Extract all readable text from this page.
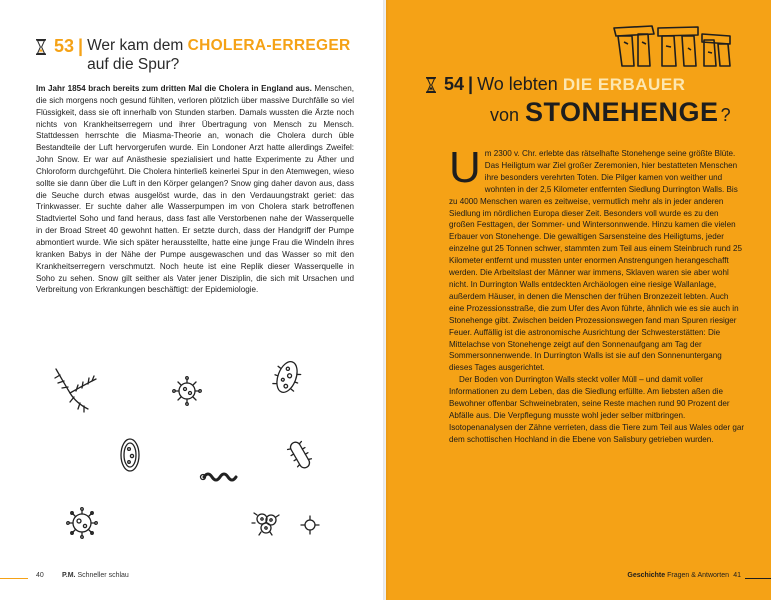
53 | Wer kam dem CHOLERA-ERREGER
auf die Spur?
Im Jahr 1854 brach bereits zum dritten Mal die Cholera in England aus. Menschen, die sich morgens noch gesund fühlten, verloren plötzlich über massive Durchfälle so viel Flüssigkeit, dass sie oft innerhalb von Stunden starben. Damals wussten die Ärzte noch nichts von Krankheitserregern und ihrer Übertragung von Mensch zu Mensch. Stattdessen herrschte die Miasma-Theorie an, wonach die Cholera durch üble Bestandteile der Luft hervorgerufen wurde. Ein Londoner Arzt hatte allerdings Zweifel: John Snow. Er war auf Anästhesie spezialisiert und hatte Experimente zu Äther und Chloroform durchgeführt. Die Cholera hinterließ keinerlei Spur in den Atemwegen, wieso sollte sie dann über die Luft in den Körper gelangen? Snow ging daher davon aus, dass die Seuche durch etwas ausgelöst wurde, das in den Verdauungstrakt geriet: das Trinkwasser. Er suchte daher alle Wasserpumpen im von Cholera stark betroffenen Stadtviertel Soho und fand heraus, dass fast alle Verstorbenen nahe der Wasserquelle in der Broad Street 40 gewohnt hatten. Er setzte durch, dass der Handgriff der Pumpe abmontiert wurde. Wie sich später herausstellte, hatte eine junge Frau die Windeln ihres kranken Babys in der Nähe der Pumpe ausgewaschen und das Wasser so mit den Krankheitserregern verschmutzt. Noch heute ist eine Replik dieser Wasserquelle in Soho zu sehen. Snow gilt seither als Vater jener Disziplin, die sich mit Ursachen und Verbreitung von Erkrankungen beschäftigt: der Epidemiologie.
40	P.M. Schneller schlau
54 | Wo lebten DIE ERBAUER
von STONEHENGE ?

Um 2300 v. Chr. erlebte das rätselhafte Stonehenge seine größte Blüte. Das Heiligtum war Ziel großer Zeremonien, hier bestatteten Menschen ihre besonders verehrten Toten. Die Pilger kamen von weither und wohnten in der 2,5 Kilometer entfernten Siedlung Durrington Walls. Bis zu 4000 Menschen waren es zeitweise, vermutlich mehr als in jeder anderen Siedlung im nördlichen Europa dieser Zeit. Besonders voll wurde es zu den großen Festtagen, der Sommer- und Wintersonnwende. Hinzu kamen die vielen Erbauer von Stonehenge. Die gewaltigen Sarsensteine des Heiligtums, jeder einzelne gut 25 Tonnen schwer, stammten zum Teil aus einem Steinbruch rund 25 Kilometer entfernt und mussten unter enormen Anstrengungen herangeschafft werden. Die Arbeitslast der Männer war immens, Sklaven waren sie aber wohl nicht. In Durrington Walls entdeckten Archäologen eine riesige Wallanlage, außerdem Häuser, in denen die Menschen der frühen Bronzezeit lebten. Auch eine Prozessionsstraße, die zum Ufer des Avon führte, ähnlich wie es sie auch in Stonehenge gibt. Zwischen beiden Prozessionswegen fand man Spuren riesiger Feuer. Auffällig ist die astronomische Ausrichtung der Schwesterstätten: Die Mittelachse von Stonehenge zeigt auf den Sonnenaufgang am Tag der Sommersonnenwende. In Durrington Walls ist sie auf den Sonnenuntergang dieses Tages ausgerichtet.

Der Boden von Durrington Walls steckt voller Müll – und damit voller Informationen zu dem Leben, das die Siedlung erfüllte. Am liebsten aßen die Bewohner offenbar Schweinebraten, seine Reste machen rund 90 Prozent der Abfälle aus. Die Verpflegung musste wohl jeder selber mitbringen. Isotopenanalysen der Zähne verrieten, dass die Tiere zum Teil aus Wales oder gar dem schottischen Hochland in die Ebene von Salisbury getrieben wurden.

Geschichte Fragen & Antworten 41
